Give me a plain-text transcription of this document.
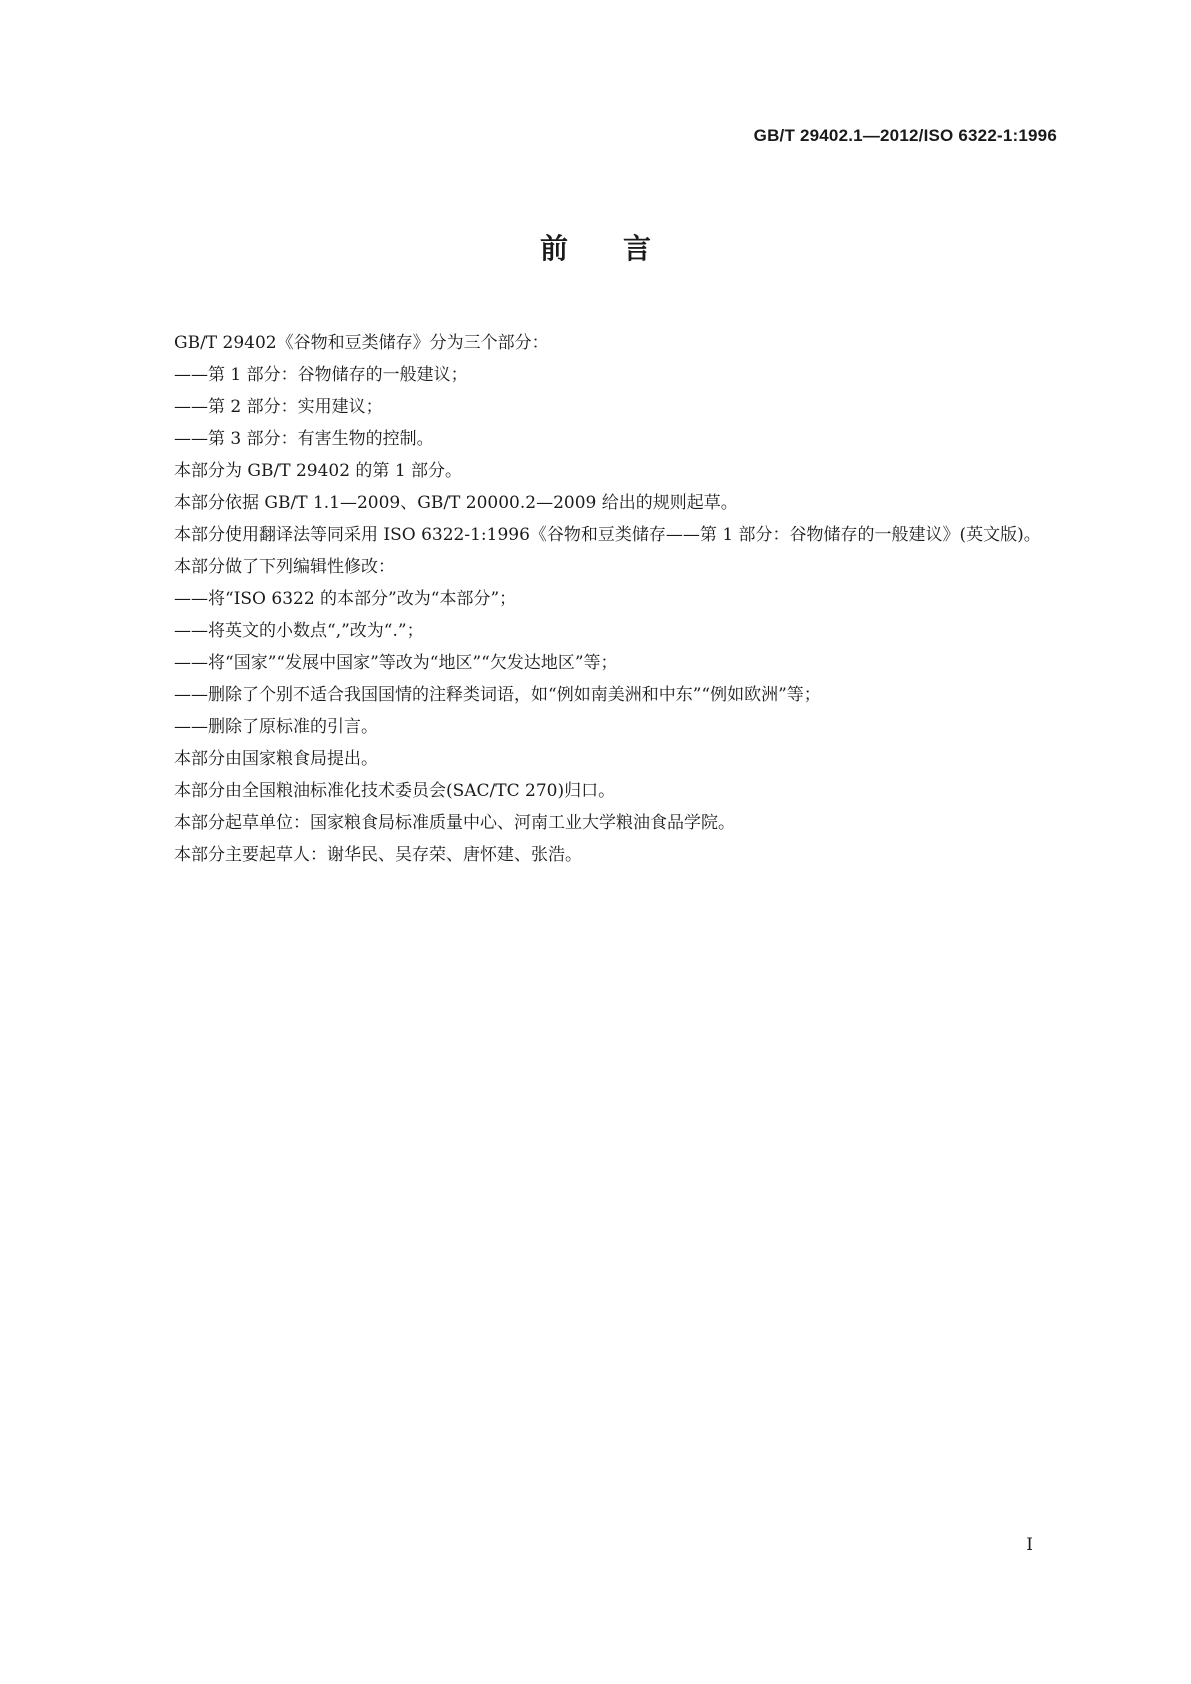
GB/T 29402.1—2012/ISO 6322-1:1996
前言

GB/T 29402《谷物和豆类储存》分为三个部分：

——第 1 部分：谷物储存的一般建议；

——第 2 部分：实用建议；

——第 3 部分：有害生物的控制。

本部分为 GB/T 29402 的第 1 部分。

本部分依据 GB/T 1.1—2009、GB/T 20000.2—2009 给出的规则起草。

本部分使用翻译法等同采用 ISO 6322-1:1996《谷物和豆类储存——第 1 部分：谷物储存的一般建议》(英文版)。

本部分做了下列编辑性修改：

——将“ISO 6322 的本部分”改为“本部分”；

——将英文的小数点“,”改为“.”；

——将“国家”“发展中国家”等改为“地区”“欠发达地区”等；

——删除了个别不适合我国国情的注释类词语，如“例如南美洲和中东”“例如欧洲”等；

——删除了原标准的引言。

本部分由国家粮食局提出。

本部分由全国粮油标准化技术委员会(SAC/TC 270)归口。

本部分起草单位：国家粮食局标准质量中心、河南工业大学粮油食品学院。

本部分主要起草人：谢华民、吴存荣、唐怀建、张浩。

I
